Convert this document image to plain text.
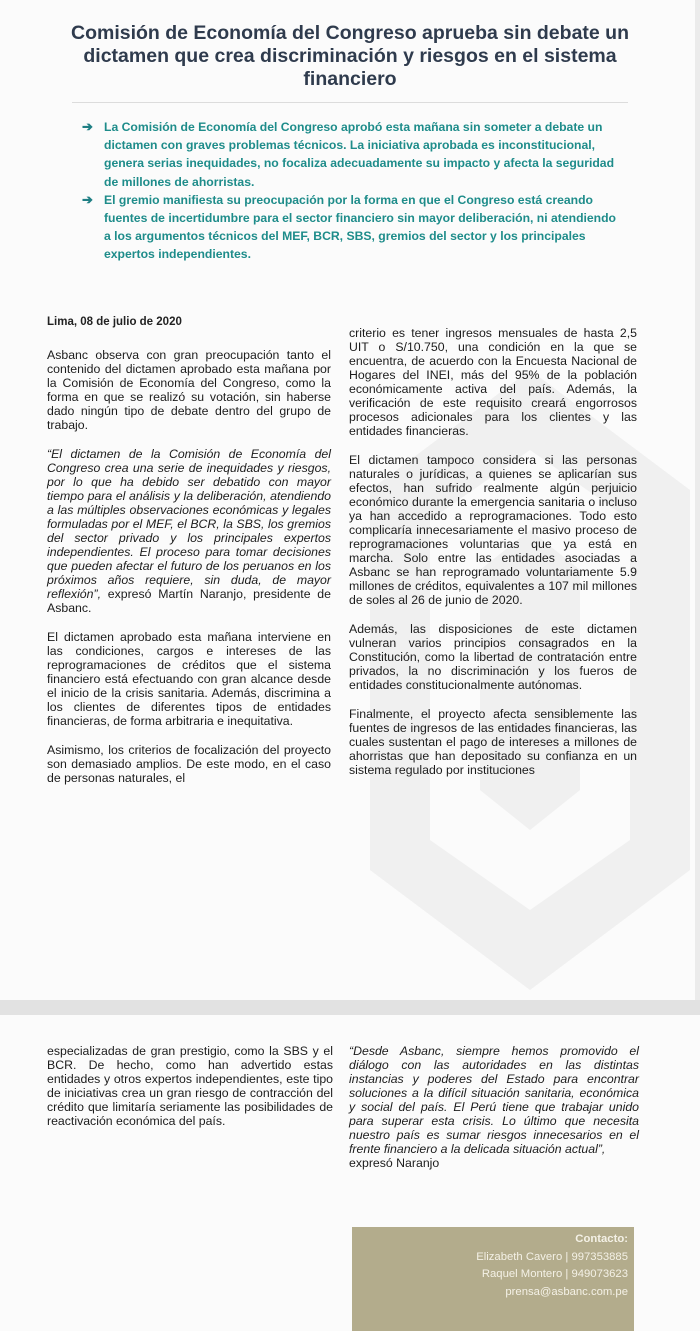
Comisión de Economía del Congreso aprueba sin debate un dictamen que crea discriminación y riesgos en el sistema financiero
➔ La Comisión de Economía del Congreso aprobó esta mañana sin someter a debate un dictamen con graves problemas técnicos. La iniciativa aprobada es inconstitucional, genera serias inequidades, no focaliza adecuadamente su impacto y afecta la seguridad de millones de ahorristas.
➔ El gremio manifiesta su preocupación por la forma en que el Congreso está creando fuentes de incertidumbre para el sector financiero sin mayor deliberación, ni atendiendo a los argumentos técnicos del MEF, BCR, SBS, gremios del sector y los principales expertos independientes.
Lima, 08 de julio de 2020

Asbanc observa con gran preocupación tanto el contenido del dictamen aprobado esta mañana por la Comisión de Economía del Congreso, como la forma en que se realizó su votación, sin haberse dado ningún tipo de debate dentro del grupo de trabajo.

“El dictamen de la Comisión de Economía del Congreso crea una serie de inequidades y riesgos, por lo que ha debido ser debatido con mayor tiempo para el análisis y la deliberación, atendiendo a las múltiples observaciones económicas y legales formuladas por el MEF, el BCR, la SBS, los gremios del sector privado y los principales expertos independientes. El proceso para tomar decisiones que pueden afectar el futuro de los peruanos en los próximos años requiere, sin duda, de mayor reflexión”, expresó Martín Naranjo, presidente de Asbanc.

El dictamen aprobado esta mañana interviene en las condiciones, cargos e intereses de las reprogramaciones de créditos que el sistema financiero está efectuando con gran alcance desde el inicio de la crisis sanitaria. Además, discrimina a los clientes de diferentes tipos de entidades financieras, de forma arbitraria e inequitativa.

Asimismo, los criterios de focalización del proyecto son demasiado amplios. De este modo, en el caso de personas naturales, el

criterio es tener ingresos mensuales de hasta 2,5 UIT o S/10.750, una condición en la que se encuentra, de acuerdo con la Encuesta Nacional de Hogares del INEI, más del 95% de la población económicamente activa del país. Además, la verificación de este requisito creará engorrosos procesos adicionales para los clientes y las entidades financieras.

El dictamen tampoco considera si las personas naturales o jurídicas, a quienes se aplicarían sus efectos, han sufrido realmente algún perjuicio económico durante la emergencia sanitaria o incluso ya han accedido a reprogramaciones. Todo esto complicaría innecesariamente el masivo proceso de reprogramaciones voluntarias que ya está en marcha. Solo entre las entidades asociadas a Asbanc se han reprogramado voluntariamente 5.9 millones de créditos, equivalentes a 107 mil millones de soles al 26 de junio de 2020.

Además, las disposiciones de este dictamen vulneran varios principios consagrados en la Constitución, como la libertad de contratación entre privados, la no discriminación y los fueros de entidades constitucionalmente autónomas.

Finalmente, el proyecto afecta sensiblemente las fuentes de ingresos de las entidades financieras, las cuales sustentan el pago de intereses a millones de ahorristas que han depositado su confianza en un sistema regulado por instituciones

especializadas de gran prestigio, como la SBS y el BCR. De hecho, como han advertido estas entidades y otros expertos independientes, este tipo de iniciativas crea un gran riesgo de contracción del crédito que limitaría seriamente las posibilidades de reactivación económica del país.

“Desde Asbanc, siempre hemos promovido el diálogo con las autoridades en las distintas instancias y poderes del Estado para encontrar soluciones a la difícil situación sanitaria, económica y social del país. El Perú tiene que trabajar unido para superar esta crisis. Lo último que necesita nuestro país es sumar riesgos innecesarios en el frente financiero a la delicada situación actual”,
expresó Naranjo

Contacto:
Elizabeth Cavero | 997353885
Raquel Montero | 949073623
prensa@asbanc.com.pe
